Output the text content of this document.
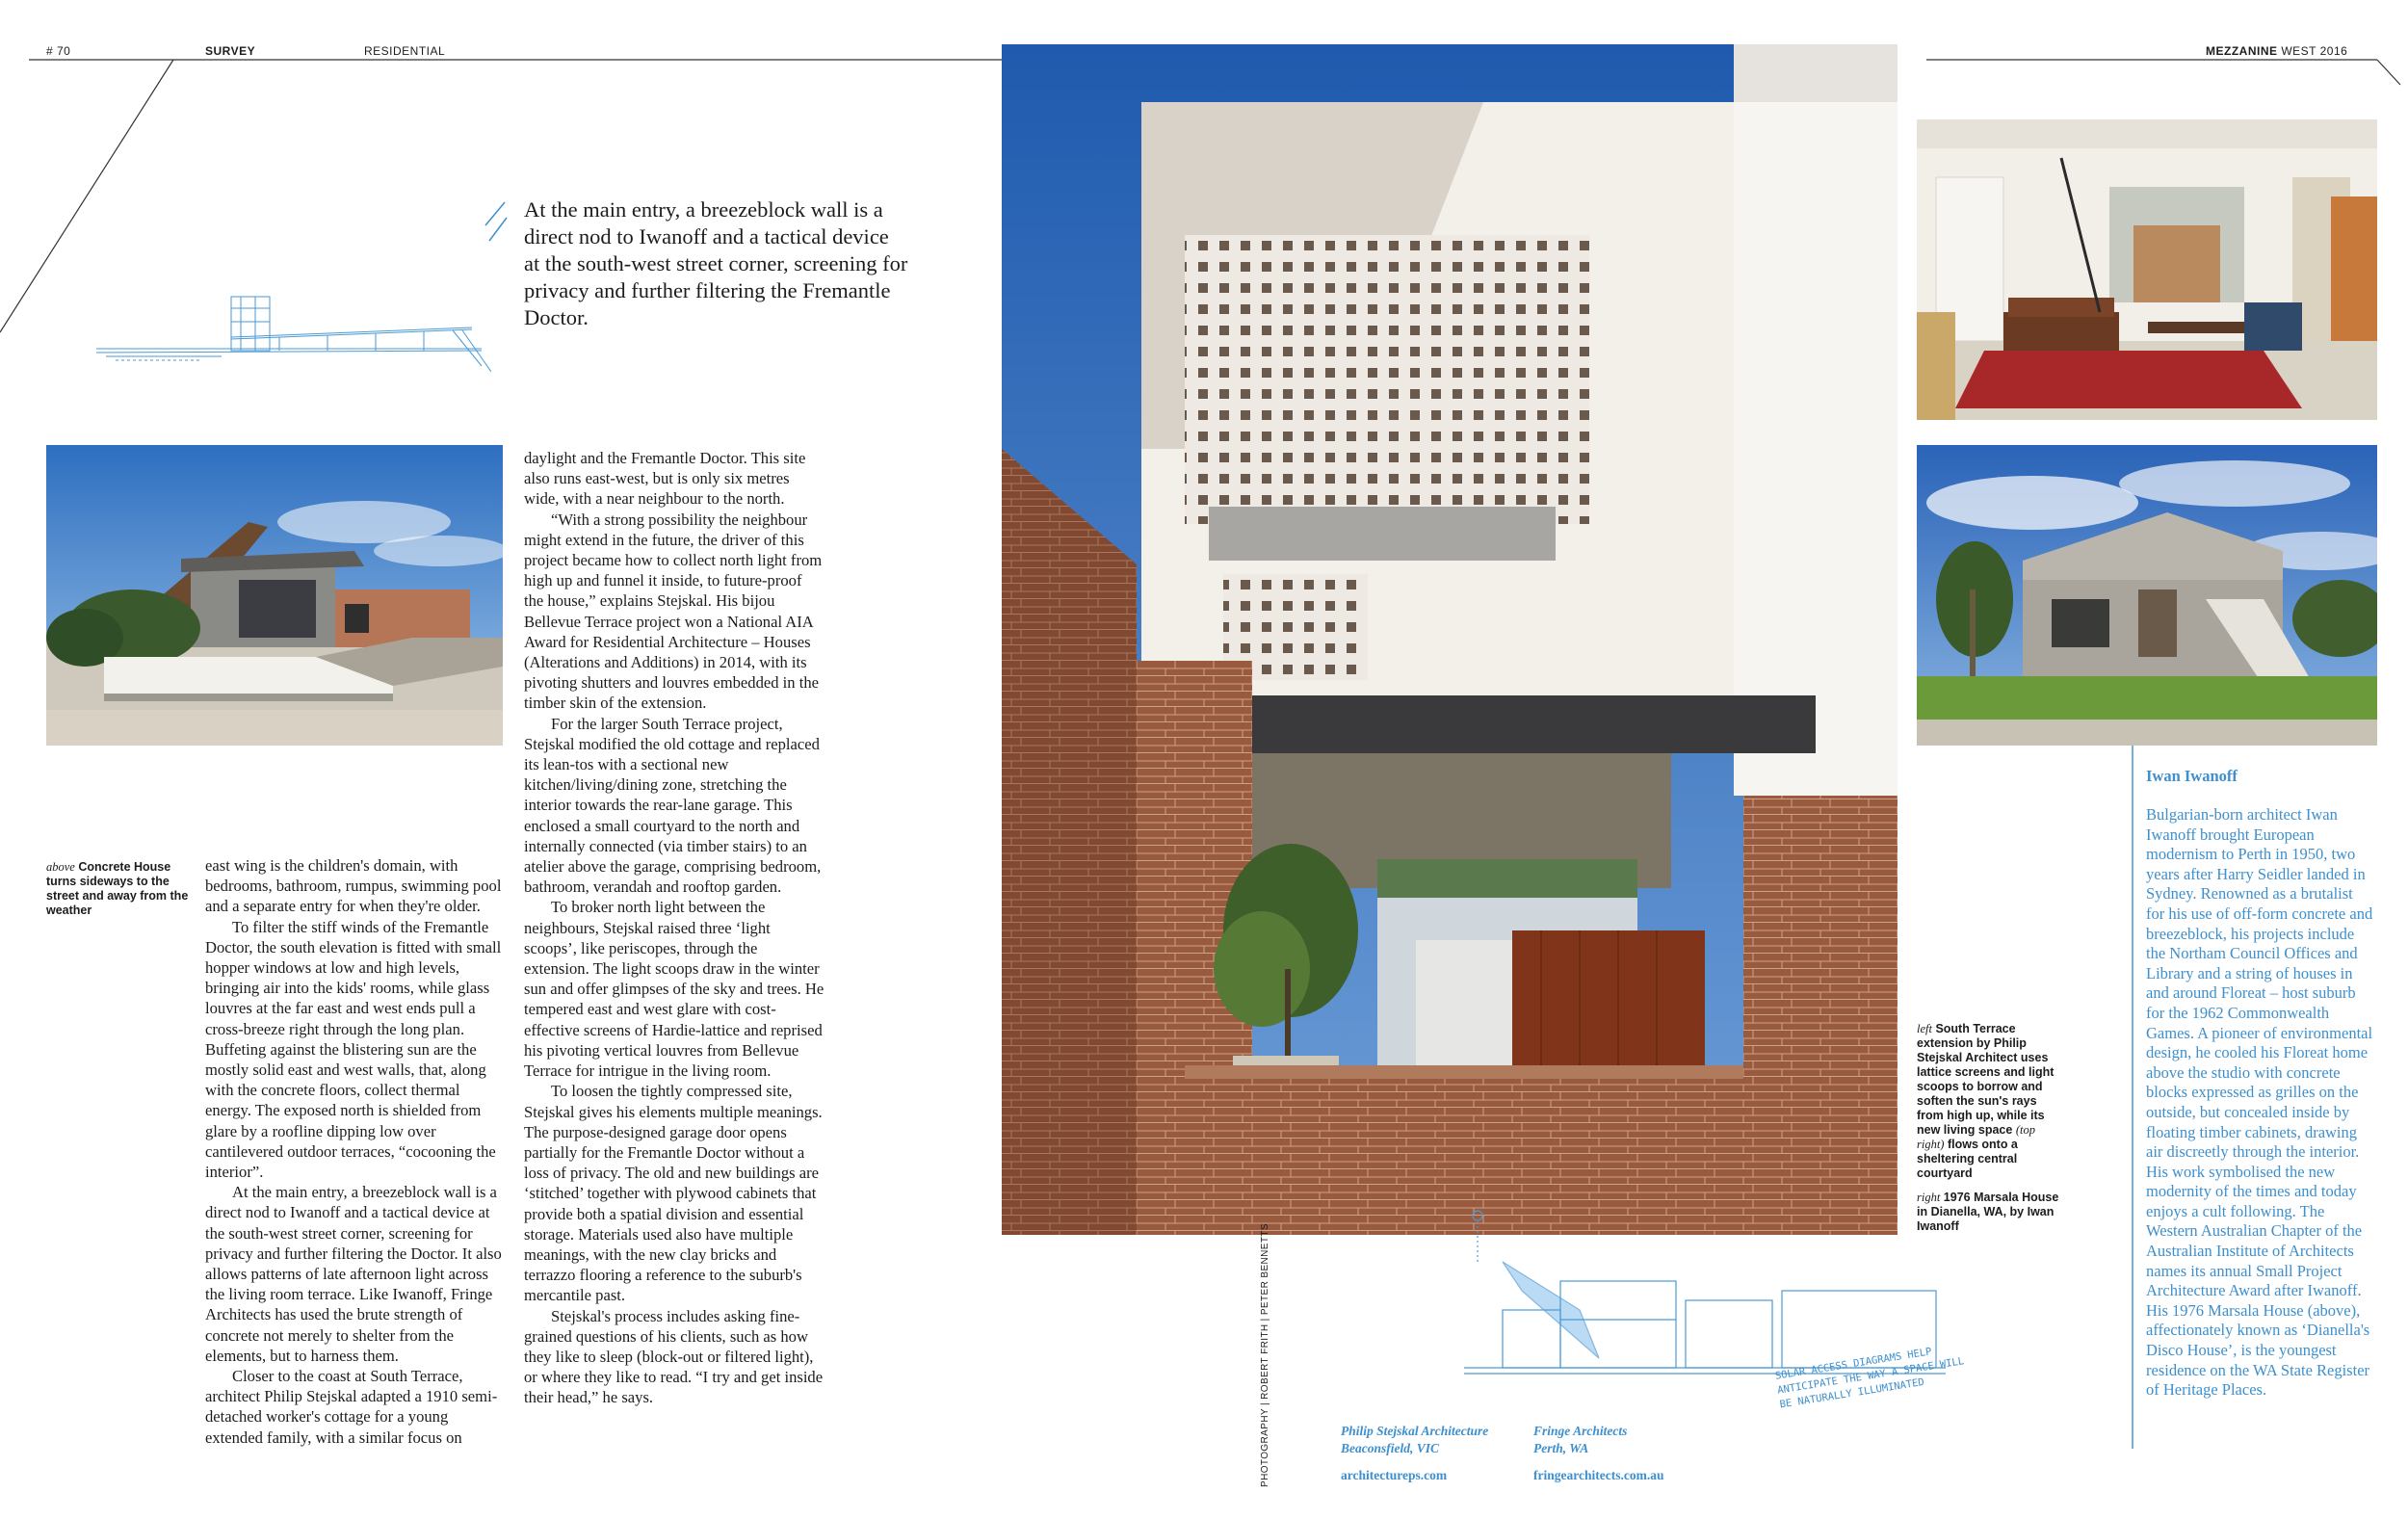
# 70	SURVEY	RESIDENTIAL	MEZZANINE WEST 2016
At the main entry, a breezeblock wall is a direct nod to Iwanoff and a tactical device at the south-west street corner, screening for privacy and further filtering the Fremantle Doctor.
above Concrete House turns sideways to the street and away from the weather

east wing is the children's domain, with bedrooms, bathroom, rumpus, swimming pool and a separate entry for when they're older.

To filter the stiff winds of the Fremantle Doctor, the south elevation is fitted with small hopper windows at low and high levels, bringing air into the kids' rooms, while glass louvres at the far east and west ends pull a cross-breeze right through the long plan. Buffeting against the blistering sun are the mostly solid east and west walls, that, along with the concrete floors, collect thermal energy. The exposed north is shielded from glare by a roofline dipping low over cantilevered outdoor terraces, “cocooning the interior”.

At the main entry, a breezeblock wall is a direct nod to Iwanoff and a tactical device at the south-west street corner, screening for privacy and further filtering the Doctor. It also allows patterns of late afternoon light across the living room terrace. Like Iwanoff, Fringe Architects has used the brute strength of concrete not merely to shelter from the elements, but to harness them.

Closer to the coast at South Terrace, architect Philip Stejskal adapted a 1910 semi-detached worker's cottage for a young extended family, with a similar focus on

daylight and the Fremantle Doctor. This site also runs east-west, but is only six metres wide, with a near neighbour to the north.

“With a strong possibility the neighbour might extend in the future, the driver of this project became how to collect north light from high up and funnel it inside, to future-proof the house,” explains Stejskal. His bijou Bellevue Terrace project won a National AIA Award for Residential Architecture – Houses (Alterations and Additions) in 2014, with its pivoting shutters and louvres embedded in the timber skin of the extension.

For the larger South Terrace project, Stejskal modified the old cottage and replaced its lean-tos with a sectional new kitchen/living/dining zone, stretching the interior towards the rear-lane garage. This enclosed a small courtyard to the north and internally connected (via timber stairs) to an atelier above the garage, comprising bedroom, bathroom, verandah and rooftop garden.

To broker north light between the neighbours, Stejskal raised three ‘light scoops’, like periscopes, through the extension. The light scoops draw in the winter sun and offer glimpses of the sky and trees. He tempered east and west glare with cost-effective screens of Hardie-lattice and reprised his pivoting vertical louvres from Bellevue Terrace for intrigue in the living room.

To loosen the tightly compressed site, Stejskal gives his elements multiple meanings. The purpose-designed garage door opens partially for the Fremantle Doctor without a loss of privacy. The old and new buildings are ‘stitched’ together with plywood cabinets that provide both a spatial division and essential storage. Materials used also have multiple meanings, with the new clay bricks and terrazzo flooring a reference to the suburb's mercantile past.

Stejskal's process includes asking fine-grained questions of his clients, such as how they like to sleep (block-out or filtered light), or where they like to read. “I try and get inside their head,” he says.

left South Terrace extension by Philip Stejskal Architect uses lattice screens and light scoops to borrow and soften the sun's rays from high up, while its new living space (top right) flows onto a sheltering central courtyard
right 1976 Marsala House in Dianella, WA, by Iwan Iwanoff
Iwan Iwanoff
Bulgarian-born architect Iwan Iwanoff brought European modernism to Perth in 1950, two years after Harry Seidler landed in Sydney. Renowned as a brutalist for his use of off-form concrete and breezeblock, his projects include the Northam Council Offices and Library and a string of houses in and around Floreat – host suburb for the 1962 Commonwealth Games. A pioneer of environmental design, he cooled his Floreat home above the studio with concrete blocks expressed as grilles on the outside, but concealed inside by floating timber cabinets, drawing air discreetly through the interior. His work symbolised the new modernity of the times and today enjoys a cult following. The Western Australian Chapter of the Australian Institute of Architects names its annual Small Project Architecture Award after Iwanoff. His 1976 Marsala House (above), affectionately known as ‘Dianella's Disco House’, is the youngest residence on the WA State Register of Heritage Places.
SOLAR ACCESS DIAGRAMS HELP ANTICIPATE THE WAY A SPACE WILL BE NATURALLY ILLUMINATED
PHOTOGRAPHY | ROBERT FRITH | PETER BENNETTS	Philip Stejskal Architecture
Beaconsfield, VIC
architectureps.com
Fringe Architects
Perth, WA
fringearchitects.com.au
